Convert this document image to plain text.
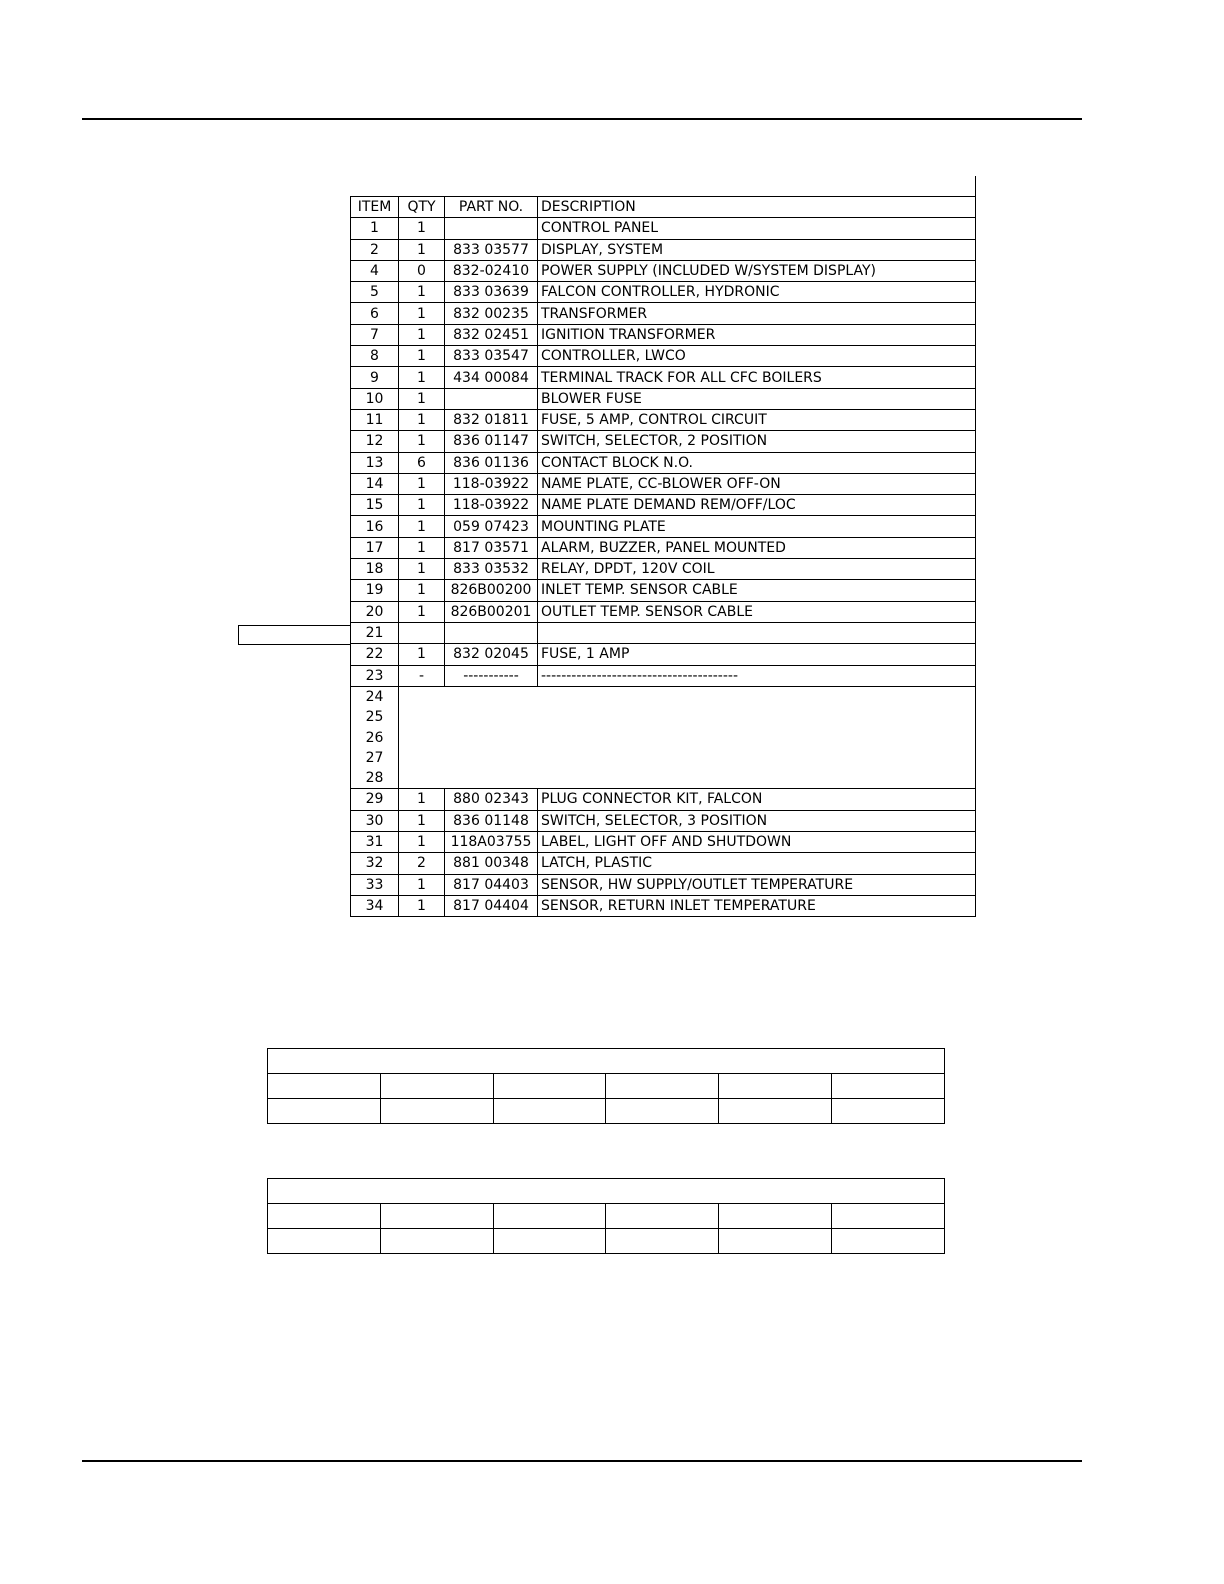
ITEM	QTY	PART NO.	DESCRIPTION
1	1		CONTROL PANEL
2	1	833 03577	DISPLAY, SYSTEM
4	0	832-02410	POWER SUPPLY (INCLUDED W/SYSTEM DISPLAY)
5	1	833 03639	FALCON CONTROLLER, HYDRONIC
6	1	832 00235	TRANSFORMER
7	1	832 02451	IGNITION TRANSFORMER
8	1	833 03547	CONTROLLER, LWCO
9	1	434 00084	TERMINAL TRACK FOR ALL CFC BOILERS
10	1		BLOWER FUSE
11	1	832 01811	FUSE, 5 AMP, CONTROL CIRCUIT
12	1	836 01147	SWITCH, SELECTOR, 2 POSITION
13	6	836 01136	CONTACT BLOCK N.O.
14	1	118-03922	NAME PLATE, CC-BLOWER OFF-ON
15	1	118-03922	NAME PLATE DEMAND REM/OFF/LOC
16	1	059 07423	MOUNTING PLATE
17	1	817 03571	ALARM, BUZZER, PANEL MOUNTED
18	1	833 03532	RELAY, DPDT, 120V COIL
19	1	826B00200	INLET TEMP. SENSOR CABLE
20	1	826B00201	OUTLET TEMP. SENSOR CABLE
21			
22	1	832 02045	FUSE, 1 AMP
23	-	-----------	---------------------------------------
24			
25			
26			
27			
28			
29	1	880 02343	PLUG CONNECTOR KIT, FALCON
30	1	836 01148	SWITCH, SELECTOR, 3 POSITION
31	1	118A03755	LABEL, LIGHT OFF AND SHUTDOWN
32	2	881 00348	LATCH, PLASTIC
33	1	817 04403	SENSOR, HW SUPPLY/OUTLET TEMPERATURE
34	1	817 04404	SENSOR, RETURN INLET TEMPERATURE
